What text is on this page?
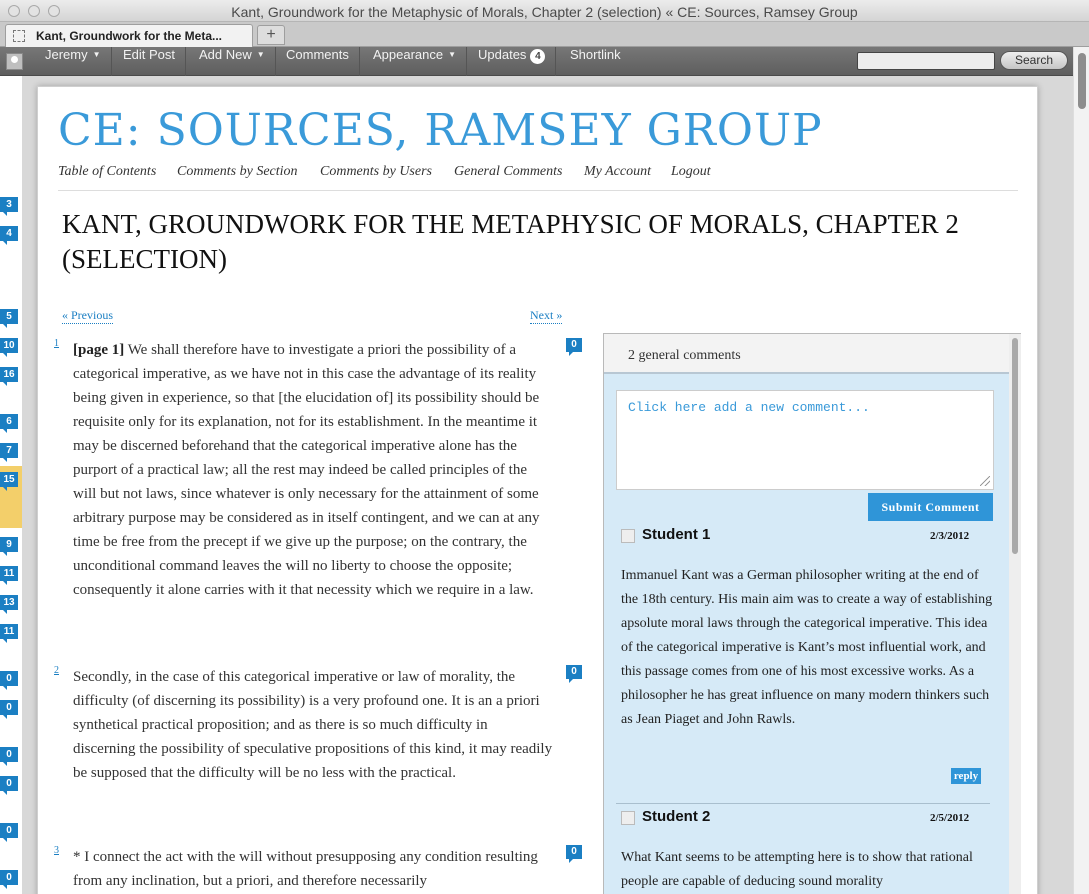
Kant, Groundwork for the Metaphysic of Morals, Chapter 2 (selection) « CE: Sources, Ramsey Group
Kant, Groundwork for the Meta...	+
Jeremy ▼	Edit Post	Add New ▼	Comments	Appearance ▼	Updates 4	Shortlink	Search
3
4
5
10
16
6
7
15
9
11
13
11
0
0
0
0
0
0
CE: SOURCES, RAMSEY GROUP
Table of Contents Comments by Section Comments by Users General Comments My Account Logout
KANT, GROUNDWORK FOR THE METAPHYSIC OF MORALS, CHAPTER 2 (SELECTION)
« Previous	Next »
1 [page 1] We shall therefore have to investigate a priori the possibility of a categorical imperative, as we have not in this case the advantage of its reality being given in experience, so that [the elucidation of] its possibility should be requisite only for its explanation, not for its establishment. In the meantime it may be discerned beforehand that the categorical imperative alone has the purport of a practical law; all the rest may indeed be called principles of the will but not laws, since whatever is only necessary for the attainment of some arbitrary purpose may be considered as in itself contingent, and we can at any time be free from the precept if we give up the purpose; on the contrary, the unconditional command leaves the will no liberty to choose the opposite; consequently it alone carries with it that necessity which we require in a law.
0
2 Secondly, in the case of this categorical imperative or law of morality, the difficulty (of discerning its possibility) is a very profound one. It is an a priori synthetical practical proposition; and as there is so much difficulty in discerning the possibility of speculative propositions of this kind, it may readily be supposed that the difficulty will be no less with the practical.
0
3 * I connect the act with the will without presupposing any condition resulting from any inclination, but a priori, and therefore necessarily
0
2 general comments
Click here add a new comment...
Submit Comment
Student 1	2/3/2012
Immanuel Kant was a German philosopher writing at the end of the 18th century. His main aim was to create a way of establishing apsolute moral laws through the categorical imperative. This idea of the categorical imperative is Kant’s most influential work, and this passage comes from one of his most excessive works. As a philosopher he has great influence on many modern thinkers such as Jean Piaget and John Rawls.
reply
Student 2	2/5/2012
What Kant seems to be attempting here is to show that rational people are capable of deducing sound morality
